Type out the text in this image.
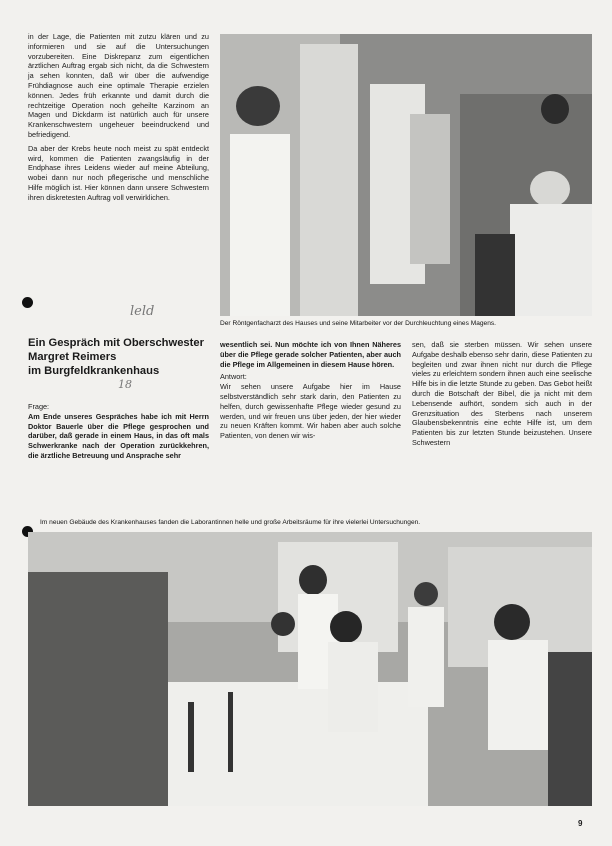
in der Lage, die Patienten mit zutzu klären und zu informieren und sie auf die Untersuchungen vorzubereiten. Eine Diskrepanz zum eigentlichen ärztlichen Auftrag ergab sich nicht, da die Schwestern ja sehen konnten, daß wir über die aufwendige Frühdiagnose auch eine optimale Therapie erzielen können. Jedes früh erkannte und damit durch die rechtzeitige Operation noch geheilte Karzinom an Magen und Dickdarm ist natürlich auch für unsere Krankenschwestern ungeheuer beeindruckend und befriedigend.

Da aber der Krebs heute noch meist zu spät entdeckt wird, kommen die Patienten zwangsläufig in der Endphase ihres Leidens wieder auf meine Abteilung, wobei dann nur noch pflegerische und menschliche Hilfe möglich ist. Hier können dann unsere Schwestern ihren diskretesten Auftrag voll verwirklichen.

leld
18
Der Röntgenfacharzt des Hauses und seine Mitarbeiter vor der Durchleuchtung eines Magens.
Ein Gespräch mit Oberschwester
Margret Reimers
im Burgfeldkrankenhaus
Frage:

Am Ende unseres Gespräches habe ich mit Herrn Doktor Bauerle über die Pflege gesprochen und darüber, daß gerade in einem Haus, in das oft mals Schwerkranke nach der Operation zurückkehren, die ärztliche Betreuung und Ansprache sehr

wesentlich sei. Nun möchte ich von Ihnen Näheres über die Pflege gerade solcher Patienten, aber auch die Pflege im Allgemeinen in diesem Hause hören.

Antwort:

Wir sehen unsere Aufgabe hier im Hause selbstverständlich sehr stark darin, den Patienten zu helfen, durch gewissenhafte Pflege wieder gesund zu werden, und wir freuen uns über jeden, der hier wieder zu neuen Kräften kommt. Wir haben aber auch solche Patienten, von denen wir wis-

sen, daß sie sterben müssen. Wir sehen unsere Aufgabe deshalb ebenso sehr darin, diese Patienten zu begleiten und zwar ihnen nicht nur durch die Pflege vieles zu erleichtern sondern ihnen auch eine seelische Hilfe bis in die letzte Stunde zu geben. Das Gebot heißt durch die Botschaft der Bibel, die ja nicht mit dem Lebensende aufhört, sondern sich auch in der Grenzsituation des Sterbens nach unserem Glaubensbekenntnis eine echte Hilfe ist, um dem Patienten bis zur letzten Stunde beizustehen. Unsere Schwestern

Im neuen Gebäude des Krankenhauses fanden die Laborantinnen helle und große Arbeitsräume für ihre vielerlei Untersuchungen.
9
